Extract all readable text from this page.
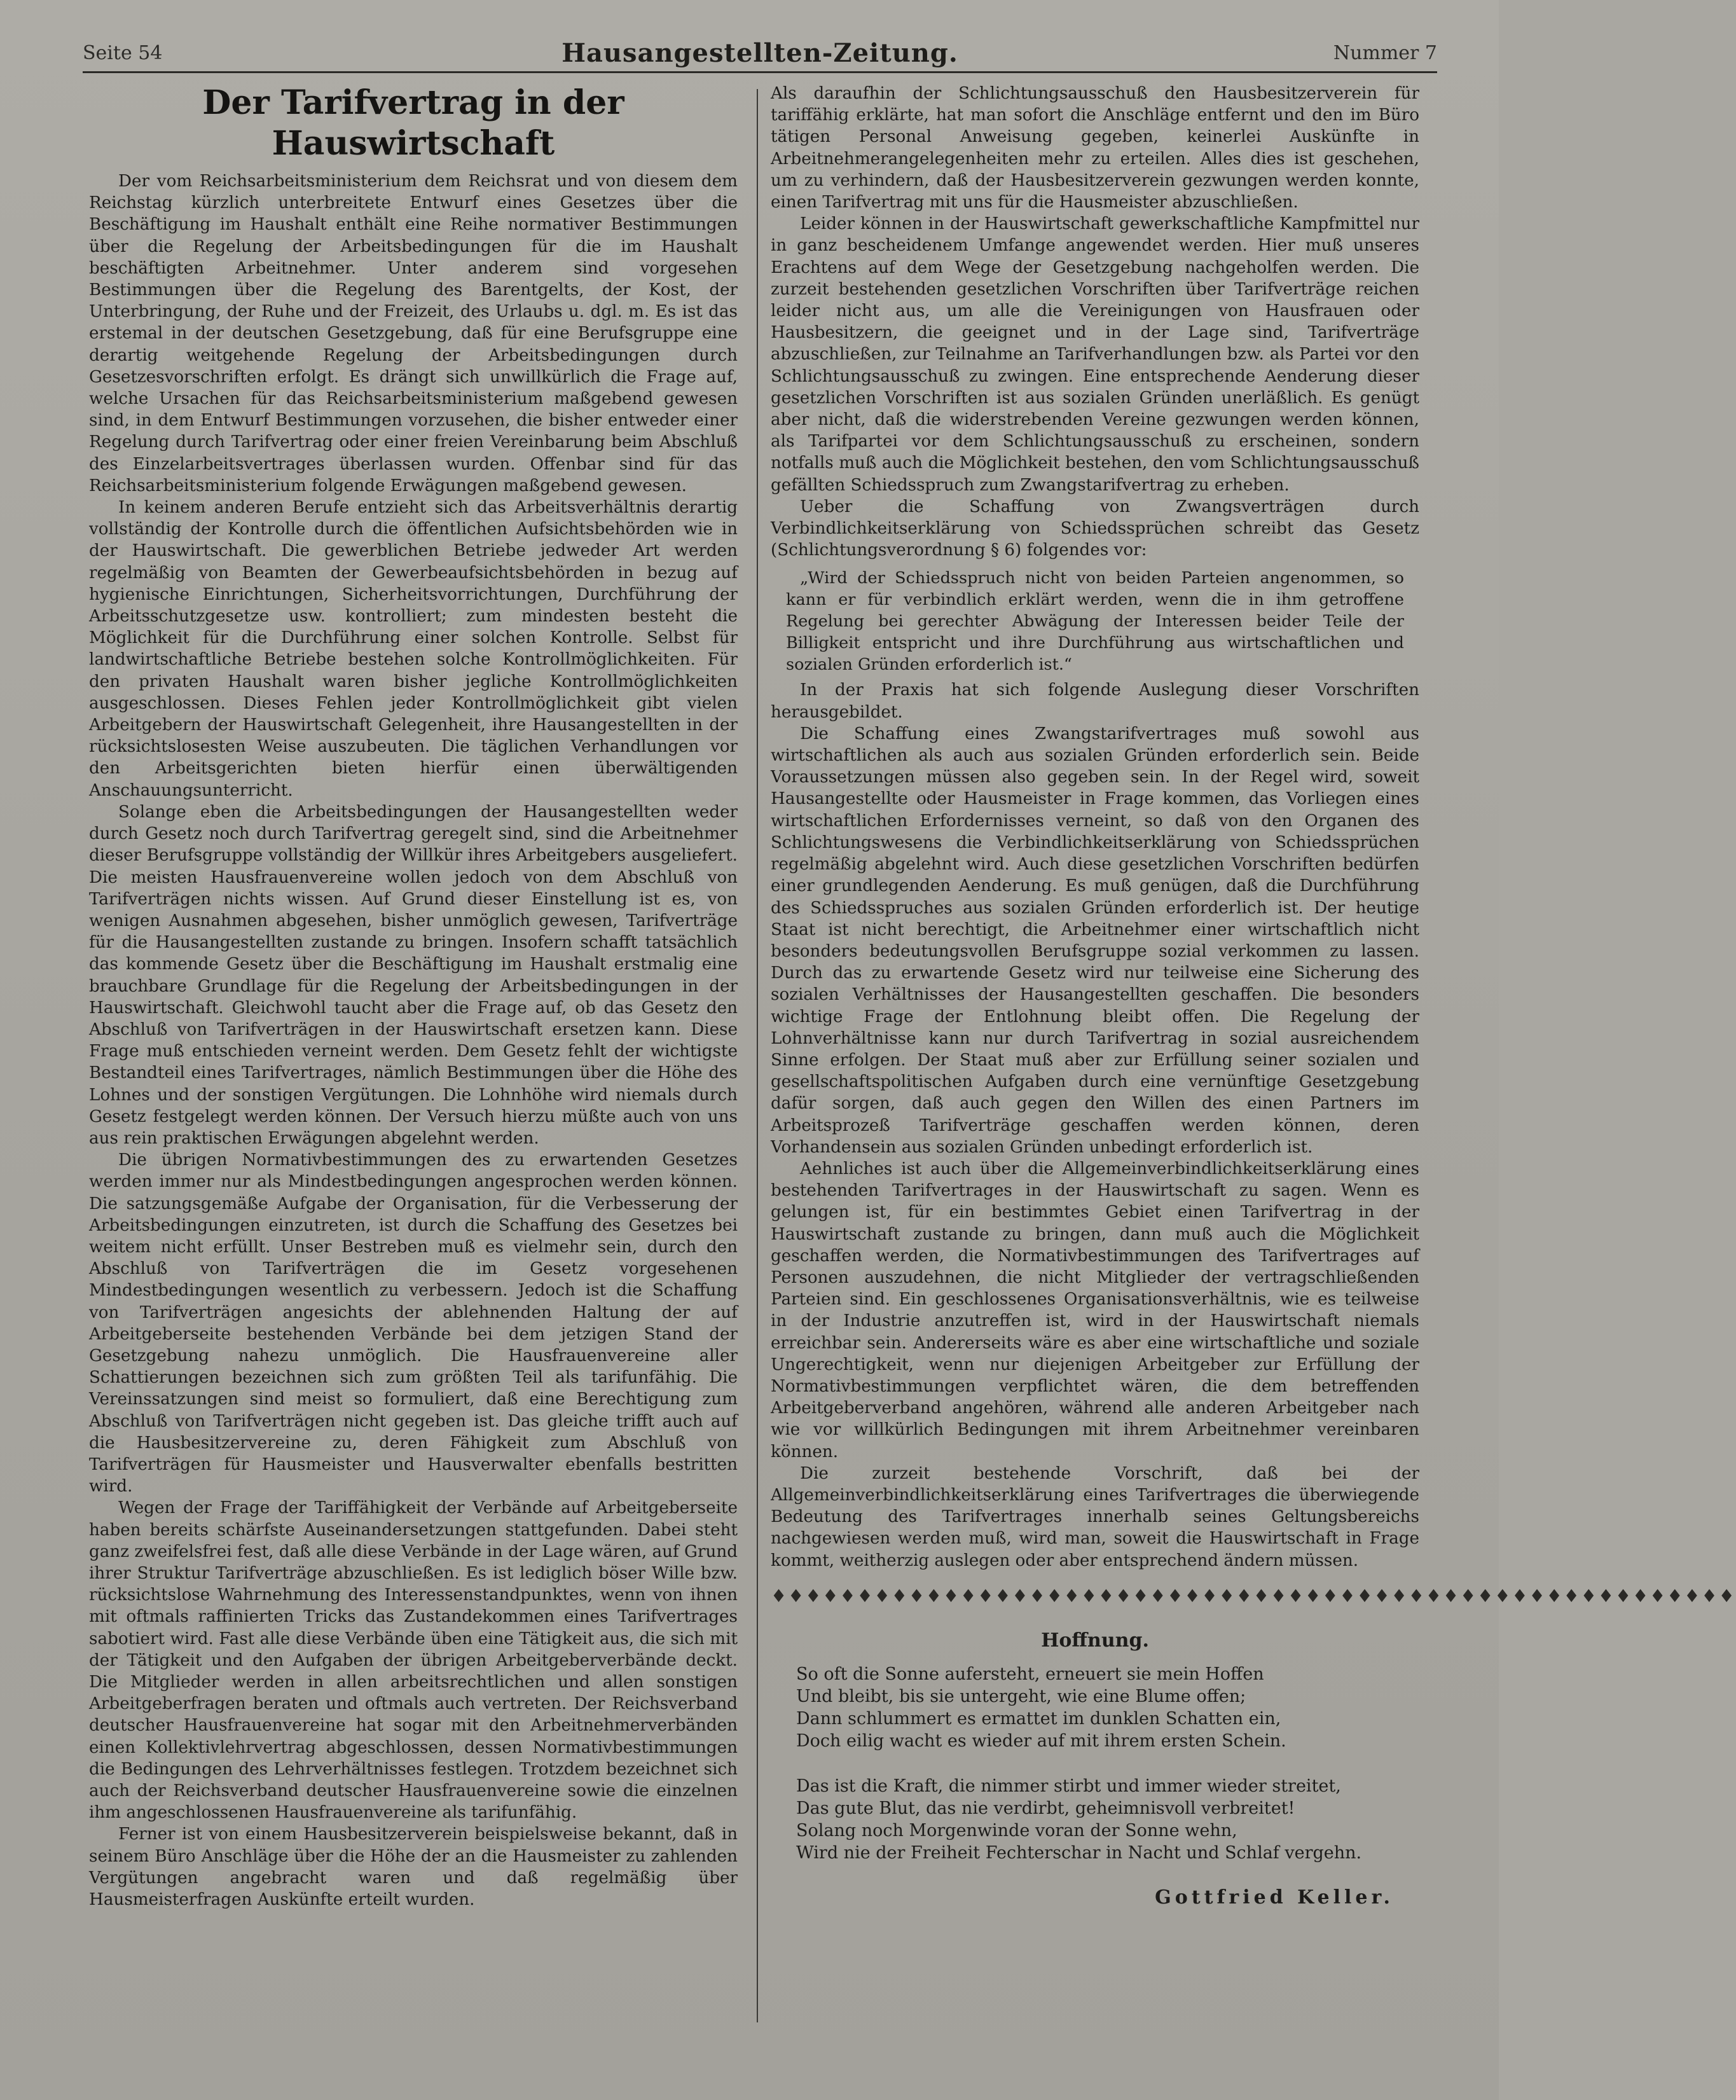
Seite 54	Hausangestellten-Zeitung.	Nummer 7
Der Tarifvertrag in der Hauswirtschaft

Der vom Reichsarbeitsministerium dem Reichsrat und von diesem dem Reichstag kürzlich unterbreitete Entwurf eines Gesetzes über die Beschäftigung im Haushalt enthält eine Reihe normativer Bestimmungen über die Regelung der Arbeitsbedingungen für die im Haushalt beschäftigten Arbeitnehmer. Unter anderem sind vorgesehen Bestimmungen über die Regelung des Barentgelts, der Kost, der Unterbringung, der Ruhe und der Freizeit, des Urlaubs u. dgl. m. Es ist das erstemal in der deutschen Gesetzgebung, daß für eine Berufsgruppe eine derartig weitgehende Regelung der Arbeitsbedingungen durch Gesetzesvorschriften erfolgt. Es drängt sich unwillkürlich die Frage auf, welche Ursachen für das Reichsarbeitsministerium maßgebend gewesen sind, in dem Entwurf Bestimmungen vorzusehen, die bisher entweder einer Regelung durch Tarifvertrag oder einer freien Vereinbarung beim Abschluß des Einzelarbeitsvertrages überlassen wurden. Offenbar sind für das Reichsarbeitsministerium folgende Erwägungen maßgebend gewesen.

In keinem anderen Berufe entzieht sich das Arbeitsverhältnis derartig vollständig der Kontrolle durch die öffentlichen Aufsichtsbehörden wie in der Hauswirtschaft. Die gewerblichen Betriebe jedweder Art werden regelmäßig von Beamten der Gewerbeaufsichtsbehörden in bezug auf hygienische Einrichtungen, Sicherheitsvorrichtungen, Durchführung der Arbeitsschutzgesetze usw. kontrolliert; zum mindesten besteht die Möglichkeit für die Durchführung einer solchen Kontrolle. Selbst für landwirtschaftliche Betriebe bestehen solche Kontrollmöglichkeiten. Für den privaten Haushalt waren bisher jegliche Kontrollmöglichkeiten ausgeschlossen. Dieses Fehlen jeder Kontrollmöglichkeit gibt vielen Arbeitgebern der Hauswirtschaft Gelegenheit, ihre Hausangestellten in der rücksichtslosesten Weise auszubeuten. Die täglichen Verhandlungen vor den Arbeitsgerichten bieten hierfür einen überwältigenden Anschauungsunterricht.

Solange eben die Arbeitsbedingungen der Hausangestellten weder durch Gesetz noch durch Tarifvertrag geregelt sind, sind die Arbeitnehmer dieser Berufsgruppe vollständig der Willkür ihres Arbeitgebers ausgeliefert. Die meisten Hausfrauenvereine wollen jedoch von dem Abschluß von Tarifverträgen nichts wissen. Auf Grund dieser Einstellung ist es, von wenigen Ausnahmen abgesehen, bisher unmöglich gewesen, Tarifverträge für die Hausangestellten zustande zu bringen. Insofern schafft tatsächlich das kommende Gesetz über die Beschäftigung im Haushalt erstmalig eine brauchbare Grundlage für die Regelung der Arbeitsbedingungen in der Hauswirtschaft. Gleichwohl taucht aber die Frage auf, ob das Gesetz den Abschluß von Tarifverträgen in der Hauswirtschaft ersetzen kann. Diese Frage muß entschieden verneint werden. Dem Gesetz fehlt der wichtigste Bestandteil eines Tarifvertrages, nämlich Bestimmungen über die Höhe des Lohnes und der sonstigen Vergütungen. Die Lohnhöhe wird niemals durch Gesetz festgelegt werden können. Der Versuch hierzu müßte auch von uns aus rein praktischen Erwägungen abgelehnt werden.

Die übrigen Normativbestimmungen des zu erwartenden Gesetzes werden immer nur als Mindestbedingungen angesprochen werden können. Die satzungsgemäße Aufgabe der Organisation, für die Verbesserung der Arbeitsbedingungen einzutreten, ist durch die Schaffung des Gesetzes bei weitem nicht erfüllt. Unser Bestreben muß es vielmehr sein, durch den Abschluß von Tarifverträgen die im Gesetz vorgesehenen Mindestbedingungen wesentlich zu verbessern. Jedoch ist die Schaffung von Tarifverträgen angesichts der ablehnenden Haltung der auf Arbeitgeberseite bestehenden Verbände bei dem jetzigen Stand der Gesetzgebung nahezu unmöglich. Die Hausfrauenvereine aller Schattierungen bezeichnen sich zum größten Teil als tarifunfähig. Die Vereinssatzungen sind meist so formuliert, daß eine Berechtigung zum Abschluß von Tarifverträgen nicht gegeben ist. Das gleiche trifft auch auf die Hausbesitzervereine zu, deren Fähigkeit zum Abschluß von Tarifverträgen für Hausmeister und Hausverwalter ebenfalls bestritten wird.

Wegen der Frage der Tariffähigkeit der Verbände auf Arbeitgeberseite haben bereits schärfste Auseinandersetzungen stattgefunden. Dabei steht ganz zweifelsfrei fest, daß alle diese Verbände in der Lage wären, auf Grund ihrer Struktur Tarifverträge abzuschließen. Es ist lediglich böser Wille bzw. rücksichtslose Wahrnehmung des Interessenstandpunktes, wenn von ihnen mit oftmals raffinierten Tricks das Zustandekommen eines Tarifvertrages sabotiert wird. Fast alle diese Verbände üben eine Tätigkeit aus, die sich mit der Tätigkeit und den Aufgaben der übrigen Arbeitgeberverbände deckt. Die Mitglieder werden in allen arbeitsrechtlichen und allen sonstigen Arbeitgeberfragen beraten und oftmals auch vertreten. Der Reichsverband deutscher Hausfrauenvereine hat sogar mit den Arbeitnehmerverbänden einen Kollektivlehrvertrag abgeschlossen, dessen Normativbestimmungen die Bedingungen des Lehrverhältnisses festlegen. Trotzdem bezeichnet sich auch der Reichsverband deutscher Hausfrauenvereine sowie die einzelnen ihm angeschlossenen Hausfrauenvereine als tarifunfähig.

Ferner ist von einem Hausbesitzerverein beispielsweise bekannt, daß in seinem Büro Anschläge über die Höhe der an die Hausmeister zu zahlenden Vergütungen angebracht waren und daß regelmäßig über Hausmeisterfragen Auskünfte erteilt wurden.

Als daraufhin der Schlichtungsausschuß den Hausbesitzerverein für tariffähig erklärte, hat man sofort die Anschläge entfernt und den im Büro tätigen Personal Anweisung gegeben, keinerlei Auskünfte in Arbeitnehmerangelegenheiten mehr zu erteilen. Alles dies ist geschehen, um zu verhindern, daß der Hausbesitzerverein gezwungen werden konnte, einen Tarifvertrag mit uns für die Hausmeister abzuschließen.

Leider können in der Hauswirtschaft gewerkschaftliche Kampfmittel nur in ganz bescheidenem Umfange angewendet werden. Hier muß unseres Erachtens auf dem Wege der Gesetzgebung nachgeholfen werden. Die zurzeit bestehenden gesetzlichen Vorschriften über Tarifverträge reichen leider nicht aus, um alle die Vereinigungen von Hausfrauen oder Hausbesitzern, die geeignet und in der Lage sind, Tarifverträge abzuschließen, zur Teilnahme an Tarifverhandlungen bzw. als Partei vor den Schlichtungsausschuß zu zwingen. Eine entsprechende Aenderung dieser gesetzlichen Vorschriften ist aus sozialen Gründen unerläßlich. Es genügt aber nicht, daß die widerstrebenden Vereine gezwungen werden können, als Tarifpartei vor dem Schlichtungsausschuß zu erscheinen, sondern notfalls muß auch die Möglichkeit bestehen, den vom Schlichtungsausschuß gefällten Schiedsspruch zum Zwangstarifvertrag zu erheben.

Ueber die Schaffung von Zwangsverträgen durch Verbindlichkeitserklärung von Schiedssprüchen schreibt das Gesetz (Schlichtungsverordnung § 6) folgendes vor:

„Wird der Schiedsspruch nicht von beiden Parteien angenommen, so kann er für verbindlich erklärt werden, wenn die in ihm getroffene Regelung bei gerechter Abwägung der Interessen beider Teile der Billigkeit entspricht und ihre Durchführung aus wirtschaftlichen und sozialen Gründen erforderlich ist.“

In der Praxis hat sich folgende Auslegung dieser Vorschriften herausgebildet.

Die Schaffung eines Zwangstarifvertrages muß sowohl aus wirtschaftlichen als auch aus sozialen Gründen erforderlich sein. Beide Voraussetzungen müssen also gegeben sein. In der Regel wird, soweit Hausangestellte oder Hausmeister in Frage kommen, das Vorliegen eines wirtschaftlichen Erfordernisses verneint, so daß von den Organen des Schlichtungswesens die Verbindlichkeitserklärung von Schiedssprüchen regelmäßig abgelehnt wird. Auch diese gesetzlichen Vorschriften bedürfen einer grundlegenden Aenderung. Es muß genügen, daß die Durchführung des Schiedsspruches aus sozialen Gründen erforderlich ist. Der heutige Staat ist nicht berechtigt, die Arbeitnehmer einer wirtschaftlich nicht besonders bedeutungsvollen Berufsgruppe sozial verkommen zu lassen. Durch das zu erwartende Gesetz wird nur teilweise eine Sicherung des sozialen Verhältnisses der Hausangestellten geschaffen. Die besonders wichtige Frage der Entlohnung bleibt offen. Die Regelung der Lohnverhältnisse kann nur durch Tarifvertrag in sozial ausreichendem Sinne erfolgen. Der Staat muß aber zur Erfüllung seiner sozialen und gesellschaftspolitischen Aufgaben durch eine vernünftige Gesetzgebung dafür sorgen, daß auch gegen den Willen des einen Partners im Arbeitsprozeß Tarifverträge geschaffen werden können, deren Vorhandensein aus sozialen Gründen unbedingt erforderlich ist.

Aehnliches ist auch über die Allgemeinverbindlichkeitserklärung eines bestehenden Tarifvertrages in der Hauswirtschaft zu sagen. Wenn es gelungen ist, für ein bestimmtes Gebiet einen Tarifvertrag in der Hauswirtschaft zustande zu bringen, dann muß auch die Möglichkeit geschaffen werden, die Normativbestimmungen des Tarifvertrages auf Personen auszudehnen, die nicht Mitglieder der vertragschließenden Parteien sind. Ein geschlossenes Organisationsverhältnis, wie es teilweise in der Industrie anzutreffen ist, wird in der Hauswirtschaft niemals erreichbar sein. Andererseits wäre es aber eine wirtschaftliche und soziale Ungerechtigkeit, wenn nur diejenigen Arbeitgeber zur Erfüllung der Normativbestimmungen verpflichtet wären, die dem betreffenden Arbeitgeberverband angehören, während alle anderen Arbeitgeber nach wie vor willkürlich Bedingungen mit ihrem Arbeitnehmer vereinbaren können.

Die zurzeit bestehende Vorschrift, daß bei der Allgemeinverbindlichkeitserklärung eines Tarifvertrages die überwiegende Bedeutung des Tarifvertrages innerhalb seines Geltungsbereichs nachgewiesen werden muß, wird man, soweit die Hauswirtschaft in Frage kommt, weitherzig auslegen oder aber entsprechend ändern müssen.

♦♦♦♦♦♦♦♦♦♦♦♦♦♦♦♦♦♦♦♦♦♦♦♦♦♦♦♦♦♦♦♦♦♦♦♦♦♦♦♦♦♦♦♦♦♦♦♦♦♦♦♦♦♦♦♦
Hoffnung.
So oft die Sonne aufersteht, erneuert sie mein Hoffen
Und bleibt, bis sie untergeht, wie eine Blume offen;
Dann schlummert es ermattet im dunklen Schatten ein,
Doch eilig wacht es wieder auf mit ihrem ersten Schein.
Das ist die Kraft, die nimmer stirbt und immer wieder streitet,
Das gute Blut, das nie verdirbt, geheimnisvoll verbreitet!
Solang noch Morgenwinde voran der Sonne wehn,
Wird nie der Freiheit Fechterschar in Nacht und Schlaf vergehn.
Gottfried Keller.
